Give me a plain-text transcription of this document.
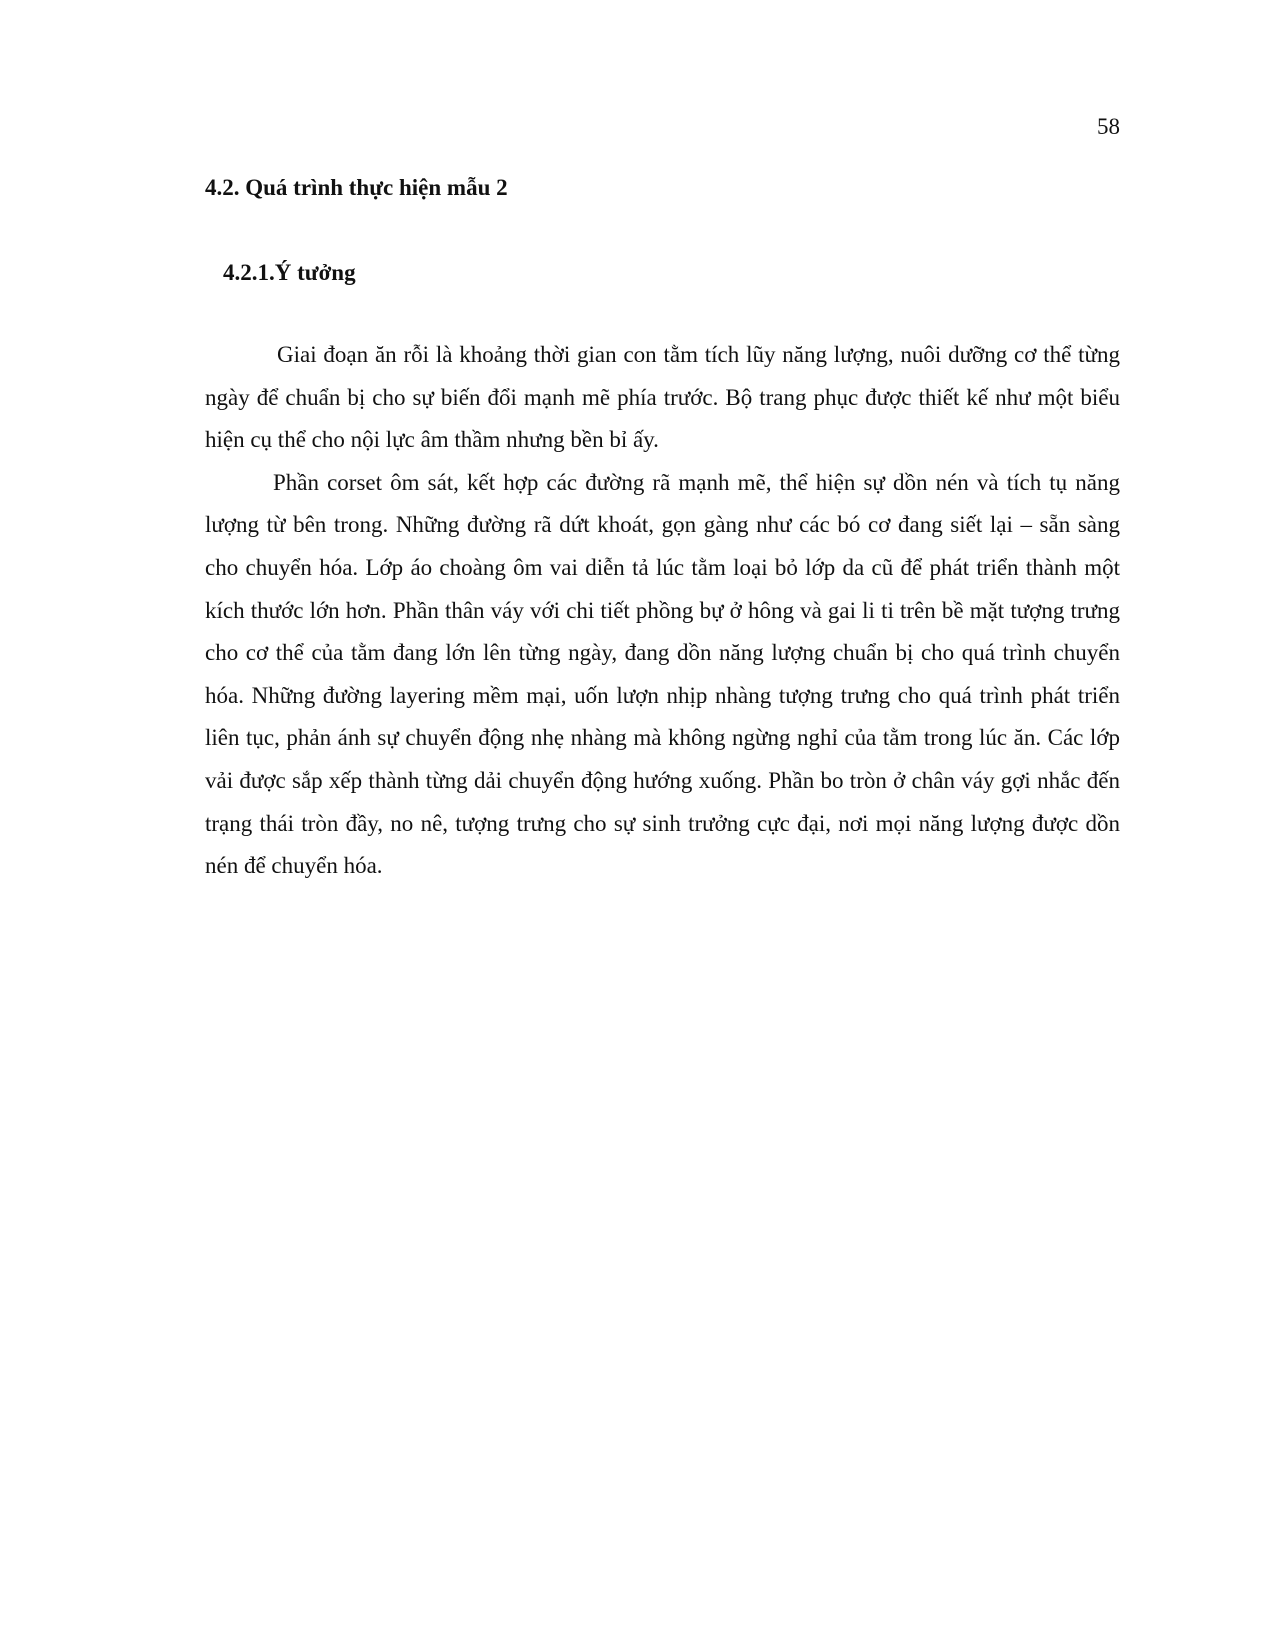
58
4.2. Quá trình thực hiện mẫu 2
4.2.1.Ý tưởng

Giai đoạn ăn rỗi là khoảng thời gian con tằm tích lũy năng lượng, nuôi dưỡng cơ thể từng ngày để chuẩn bị cho sự biến đổi mạnh mẽ phía trước. Bộ trang phục được thiết kế như một biểu hiện cụ thể cho nội lực âm thầm nhưng bền bỉ ấy.

Phần corset ôm sát, kết hợp các đường rã mạnh mẽ, thể hiện sự dồn nén và tích tụ năng lượng từ bên trong. Những đường rã dứt khoát, gọn gàng như các bó cơ đang siết lại – sẵn sàng cho chuyển hóa. Lớp áo choàng ôm vai diễn tả lúc tằm loại bỏ lớp da cũ để phát triển thành một kích thước lớn hơn. Phần thân váy với chi tiết phồng bự ở hông và gai li ti trên bề mặt tượng trưng cho cơ thể của tằm đang lớn lên từng ngày, đang dồn năng lượng chuẩn bị cho quá trình chuyển hóa. Những đường layering mềm mại, uốn lượn nhịp nhàng tượng trưng cho quá trình phát triển liên tục, phản ánh sự chuyển động nhẹ nhàng mà không ngừng nghỉ của tằm trong lúc ăn. Các lớp vải được sắp xếp thành từng dải chuyển động hướng xuống. Phần bo tròn ở chân váy gợi nhắc đến trạng thái tròn đầy, no nê, tượng trưng cho sự sinh trưởng cực đại, nơi mọi năng lượng được dồn nén để chuyển hóa.
